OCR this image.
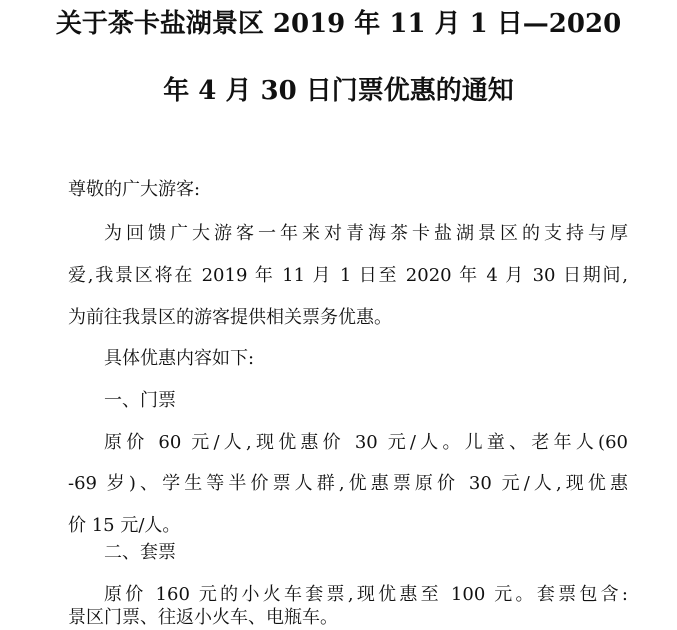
关于茶卡盐湖景区 2019 年 11 月 1 日—2020
年 4 月 30 日门票优惠的通知
尊敬的广大游客:
为回馈广大游客一年来对青海茶卡盐湖景区的支持与厚
爱,我景区将在 2019 年 11 月 1 日至 2020 年 4 月 30 日期间,
为前往我景区的游客提供相关票务优惠。
具体优惠内容如下:
一、门票
原价 60 元/人,现优惠价 30 元/人。儿童、老年人(60
-69 岁)、学生等半价票人群,优惠票原价 30 元/人,现优惠
价 15 元/人。
二、套票
原价 160 元的小火车套票,现优惠至 100 元。套票包含:
景区门票、往返小火车、电瓶车。
